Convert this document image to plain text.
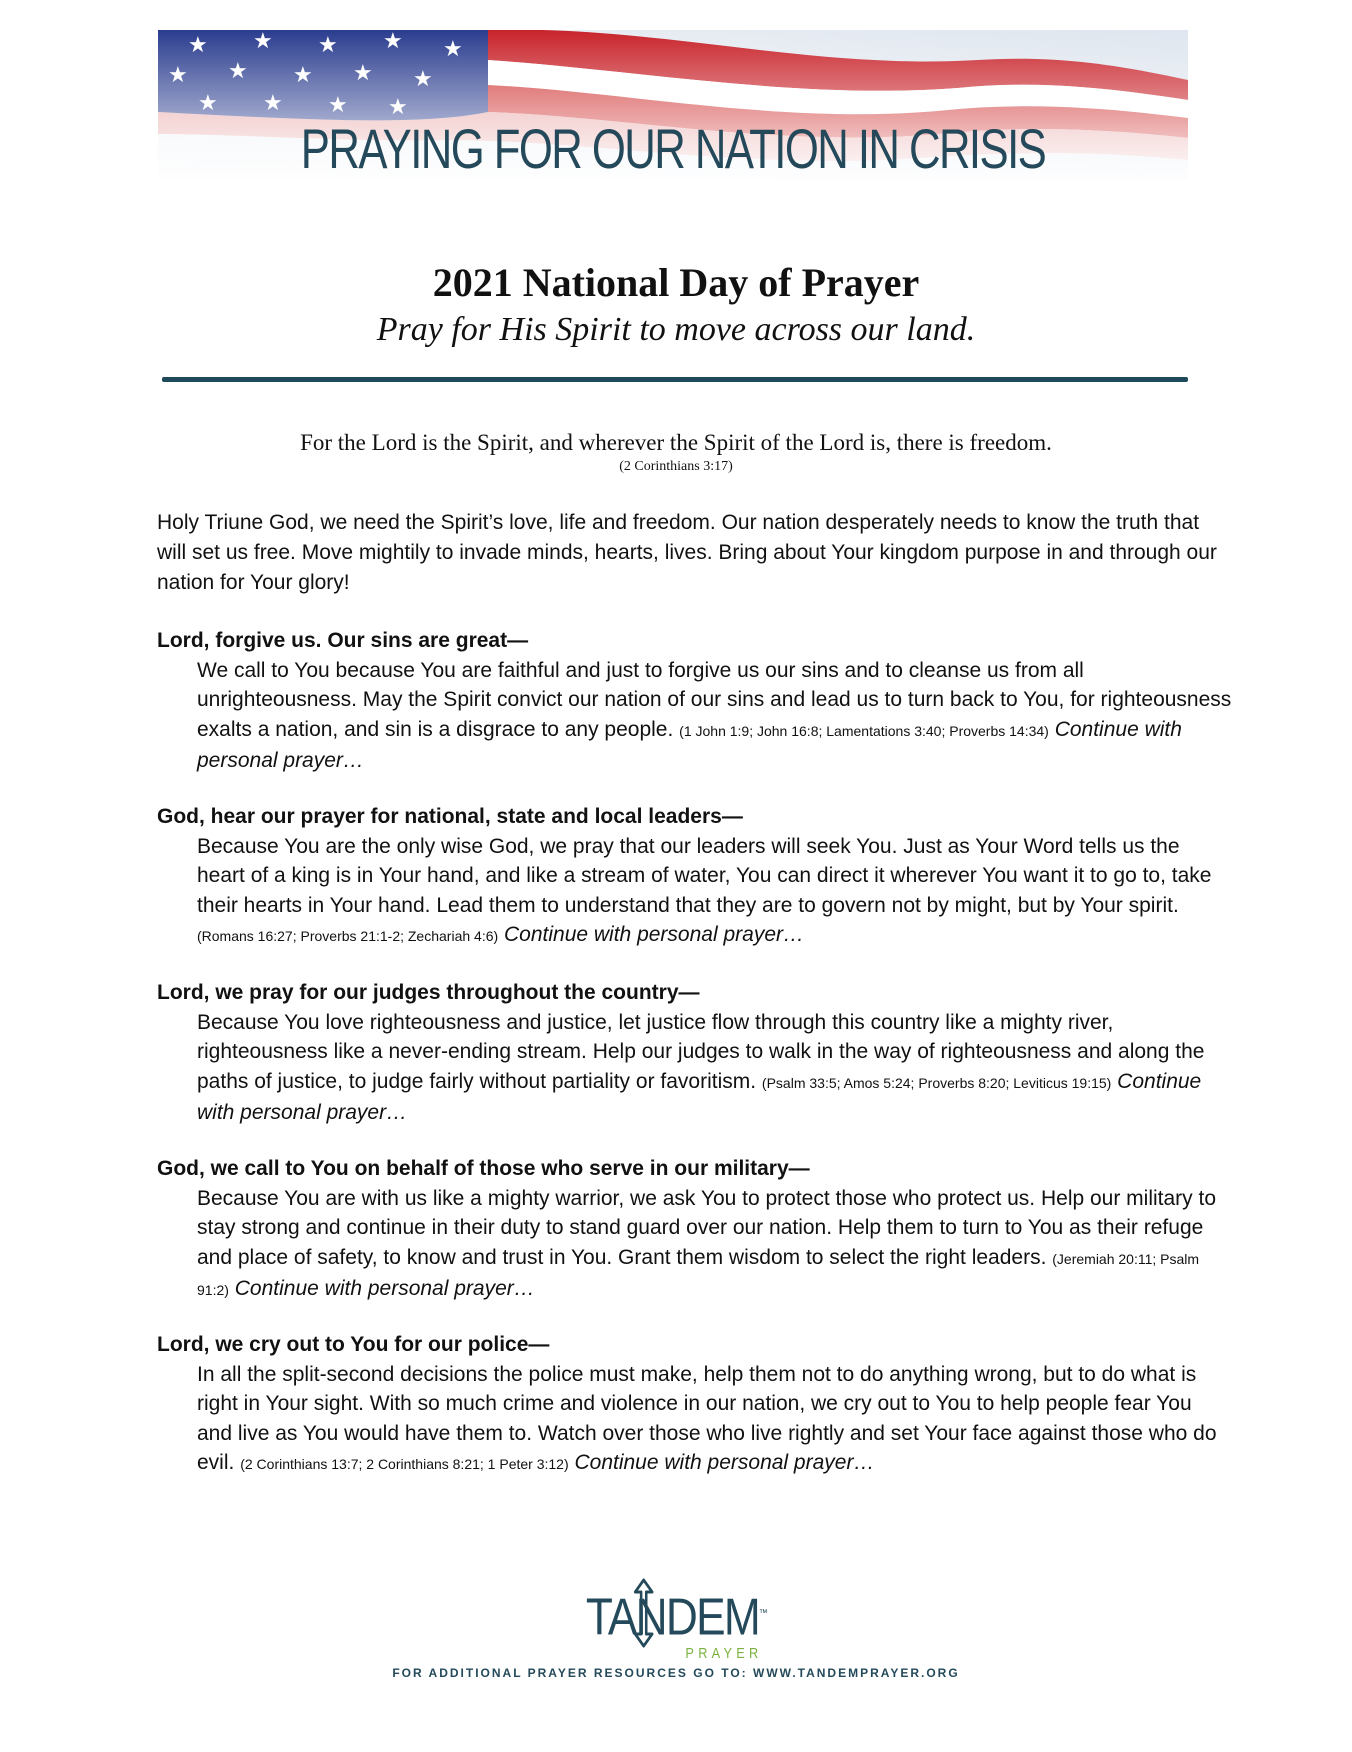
PRAYING FOR OUR NATION IN CRISIS
2021 National Day of Prayer
Pray for His Spirit to move across our land.
For the Lord is the Spirit, and wherever the Spirit of the Lord is, there is freedom.
(2 Corinthians 3:17)
Holy Triune God, we need the Spirit’s love, life and freedom. Our nation desperately needs to know the truth that will set us free. Move mightily to invade minds, hearts, lives. Bring about Your kingdom purpose in and through our nation for Your glory!
Lord, forgive us. Our sins are great—
We call to You because You are faithful and just to forgive us our sins and to cleanse us from all unrighteousness. May the Spirit convict our nation of our sins and lead us to turn back to You, for righteousness exalts a nation, and sin is a disgrace to any people. (1 John 1:9; John 16:8; Lamentations 3:40; Proverbs 14:34) Continue with personal prayer…
God, hear our prayer for national, state and local leaders—
Because You are the only wise God, we pray that our leaders will seek You. Just as Your Word tells us the heart of a king is in Your hand, and like a stream of water, You can direct it wherever You want it to go to, take their hearts in Your hand. Lead them to understand that they are to govern not by might, but by Your spirit. (Romans 16:27; Proverbs 21:1-2; Zechariah 4:6) Continue with personal prayer…
Lord, we pray for our judges throughout the country—
Because You love righteousness and justice, let justice flow through this country like a mighty river, righteousness like a never-ending stream. Help our judges to walk in the way of righteousness and along the paths of justice, to judge fairly without partiality or favoritism. (Psalm 33:5; Amos 5:24; Proverbs 8:20; Leviticus 19:15) Continue with personal prayer…
God, we call to You on behalf of those who serve in our military—
Because You are with us like a mighty warrior, we ask You to protect those who protect us. Help our military to stay strong and continue in their duty to stand guard over our nation. Help them to turn to You as their refuge and place of safety, to know and trust in You. Grant them wisdom to select the right leaders. (Jeremiah 20:11; Psalm 91:2) Continue with personal prayer…
Lord, we cry out to You for our police—
In all the split-second decisions the police must make, help them not to do anything wrong, but to do what is right in Your sight. With so much crime and violence in our nation, we cry out to You to help people fear You and live as You would have them to. Watch over those who live rightly and set Your face against those who do evil. (2 Corinthians 13:7; 2 Corinthians 8:21; 1 Peter 3:12) Continue with personal prayer…
TANDEM™
PRAYER
FOR ADDITIONAL PRAYER RESOURCES GO TO: WWW.TANDEMPRAYER.ORG
